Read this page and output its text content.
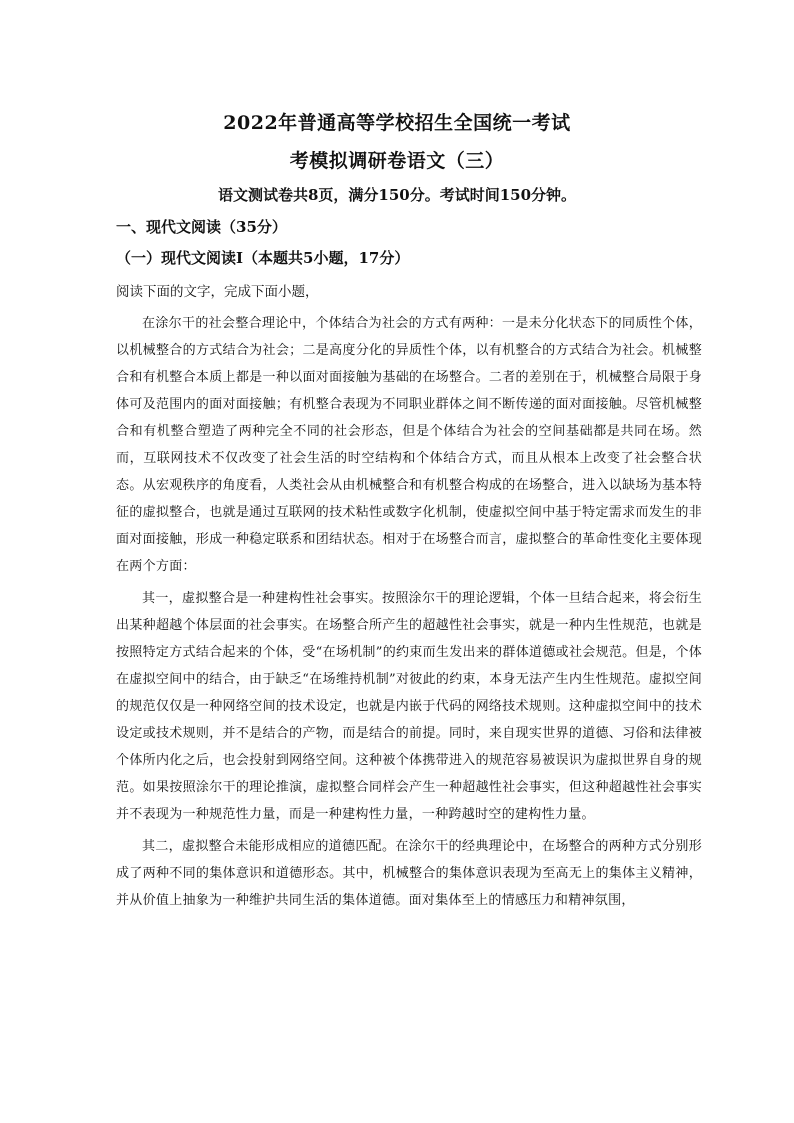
2022年普通高等学校招生全国统一考试
考模拟调研卷语文（三）

语文测试卷共8页，满分150分。考试时间150分钟。

一、现代文阅读（35分）
（一）现代文阅读Ⅰ（本题共5小题，17分）

阅读下面的文字，完成下面小题，

在涂尔干的社会整合理论中，个体结合为社会的方式有两种：一是未分化状态下的同质性个体，以机械整合的方式结合为社会；二是高度分化的异质性个体，以有机整合的方式结合为社会。机械整合和有机整合本质上都是一种以面对面接触为基础的在场整合。二者的差别在于，机械整合局限于身体可及范围内的面对面接触；有机整合表现为不同职业群体之间不断传递的面对面接触。尽管机械整合和有机整合塑造了两种完全不同的社会形态，但是个体结合为社会的空间基础都是共同在场。然而，互联网技术不仅改变了社会生活的时空结构和个体结合方式，而且从根本上改变了社会整合状态。从宏观秩序的角度看，人类社会从由机械整合和有机整合构成的在场整合，进入以缺场为基本特征的虚拟整合，也就是通过互联网的技术粘性或数字化机制，使虚拟空间中基于特定需求而发生的非面对面接触，形成一种稳定联系和团结状态。相对于在场整合而言，虚拟整合的革命性变化主要体现在两个方面：

其一，虚拟整合是一种建构性社会事实。按照涂尔干的理论逻辑，个体一旦结合起来，将会衍生出某种超越个体层面的社会事实。在场整合所产生的超越性社会事实，就是一种内生性规范，也就是按照特定方式结合起来的个体，受“在场机制”的约束而生发出来的群体道德或社会规范。但是，个体在虚拟空间中的结合，由于缺乏“在场维持机制”对彼此的约束，本身无法产生内生性规范。虚拟空间的规范仅仅是一种网络空间的技术设定，也就是内嵌于代码的网络技术规则。这种虚拟空间中的技术设定或技术规则，并不是结合的产物，而是结合的前提。同时，来自现实世界的道德、习俗和法律被个体所内化之后，也会投射到网络空间。这种被个体携带进入的规范容易被误识为虚拟世界自身的规范。如果按照涂尔干的理论推演，虚拟整合同样会产生一种超越性社会事实，但这种超越性社会事实并不表现为一种规范性力量，而是一种建构性力量，一种跨越时空的建构性力量。

其二，虚拟整合未能形成相应的道德匹配。在涂尔干的经典理论中，在场整合的两种方式分别形成了两种不同的集体意识和道德形态。其中，机械整合的集体意识表现为至高无上的集体主义精神，并从价值上抽象为一种维护共同生活的集体道德。面对集体至上的情感压力和精神氛围，
